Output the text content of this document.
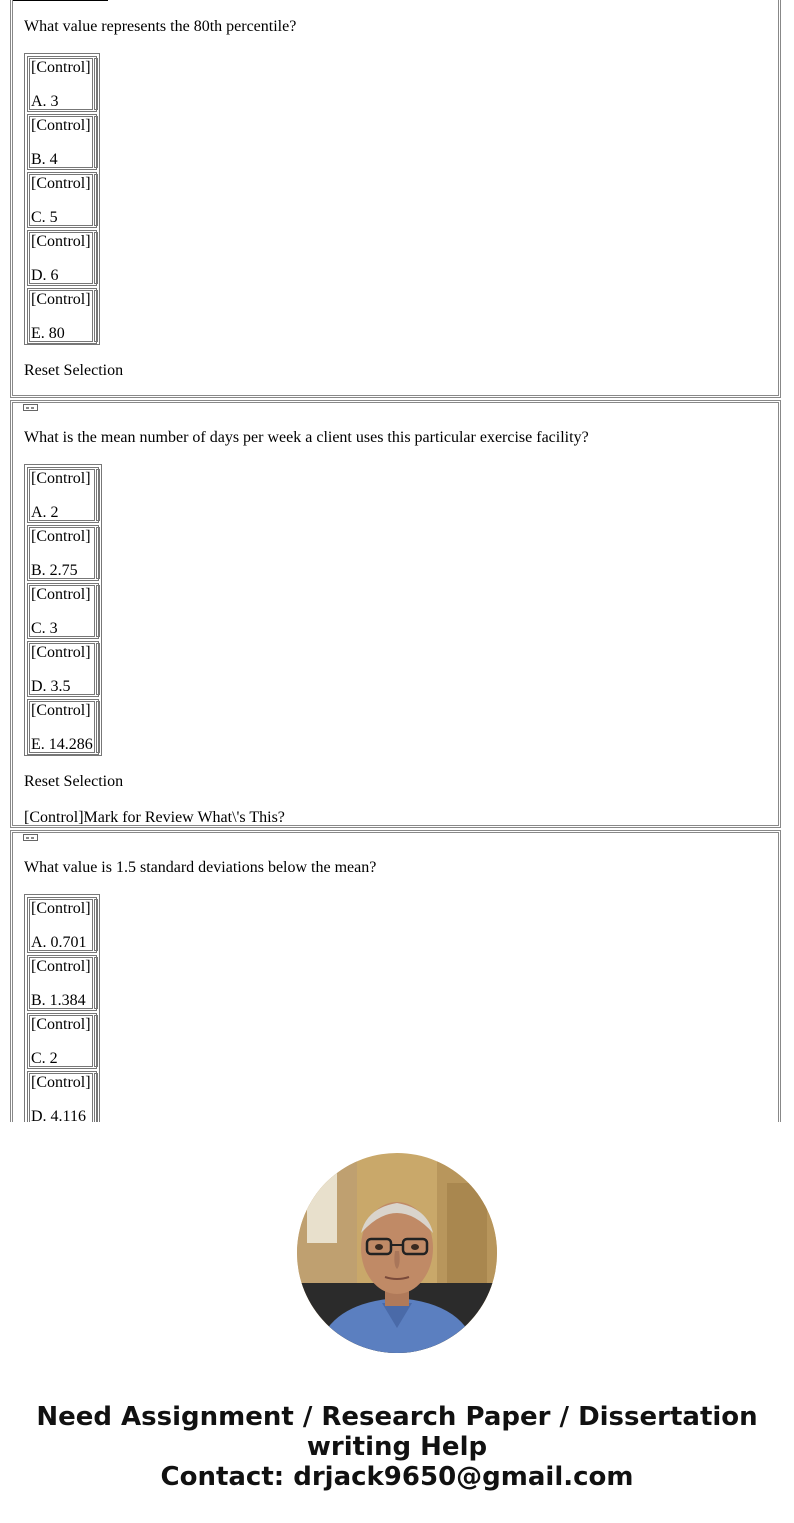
What value represents the 80th percentile?
[Control]
A. 3
[Control]
B. 4
[Control]
C. 5
[Control]
D. 6
[Control]
E. 80
Reset Selection
What is the mean number of days per week a client uses this particular exercise facility?
[Control]
A. 2
[Control]
B. 2.75
[Control]
C. 3
[Control]
D. 3.5
[Control]
E. 14.286
Reset Selection
[Control]Mark for Review What\'s This?
What value is 1.5 standard deviations below the mean?
[Control]
A. 0.701
[Control]
B. 1.384
[Control]
C. 2
[Control]
D. 4.116
Need Assignment / Research Paper / Dissertation
writing Help
Contact: drjack9650@gmail.com
